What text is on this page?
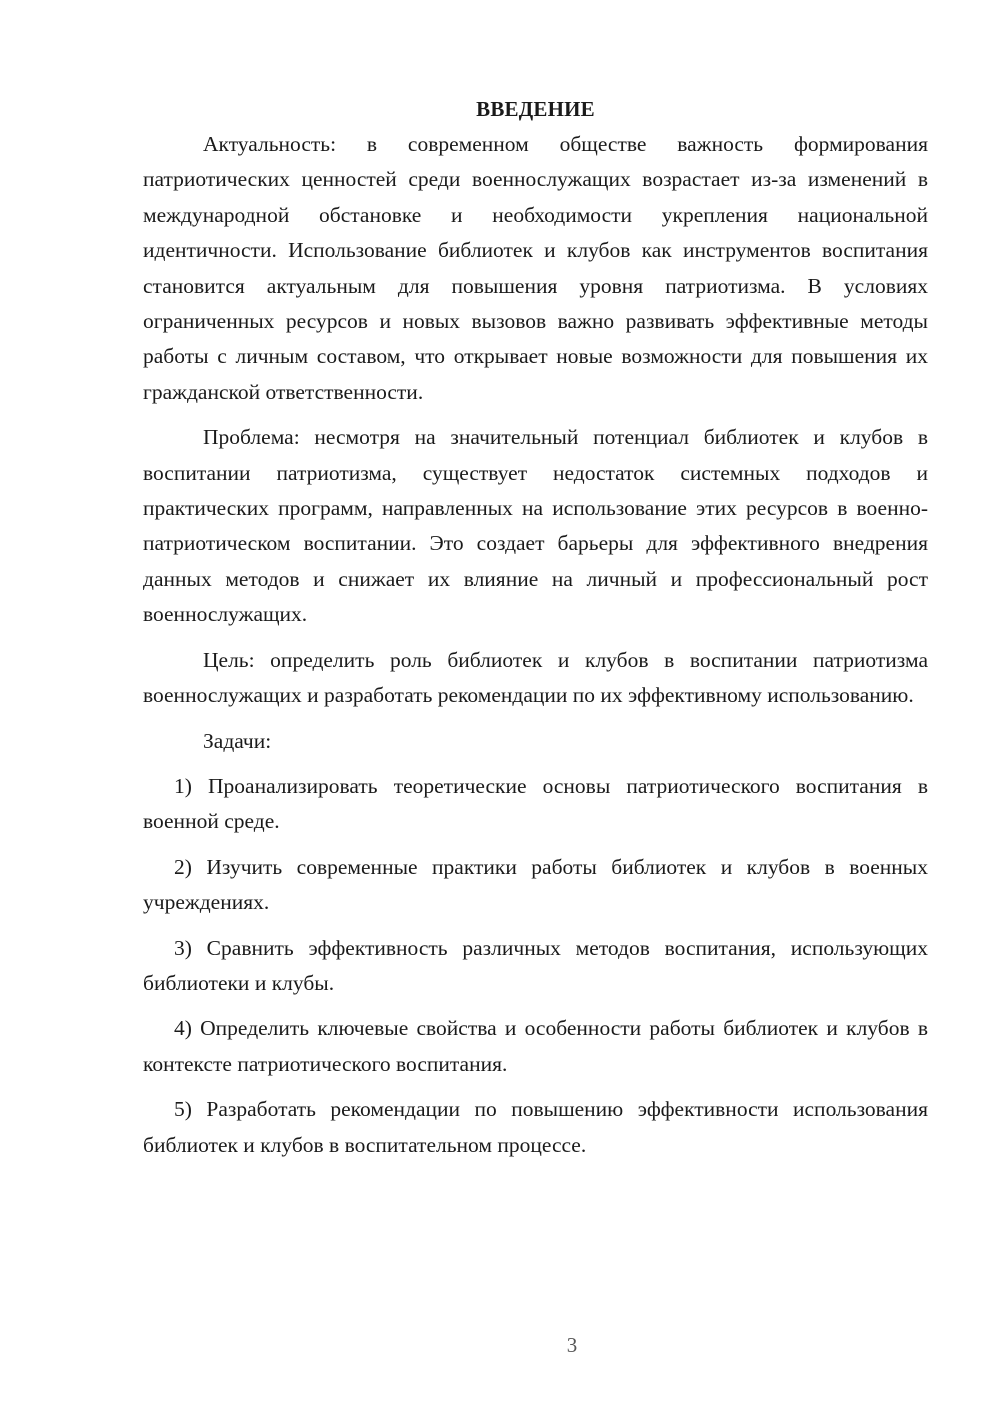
ВВЕДЕНИЕ

Актуальность: в современном обществе важность формирования патриотических ценностей среди военнослужащих возрастает из-за изменений в международной обстановке и необходимости укрепления национальной идентичности. Использование библиотек и клубов как инструментов воспитания становится актуальным для повышения уровня патриотизма. В условиях ограниченных ресурсов и новых вызовов важно развивать эффективные методы работы с личным составом, что открывает новые возможности для повышения их гражданской ответственности.

Проблема: несмотря на значительный потенциал библиотек и клубов в воспитании патриотизма, существует недостаток системных подходов и практических программ, направленных на использование этих ресурсов в военно-патриотическом воспитании. Это создает барьеры для эффективного внедрения данных методов и снижает их влияние на личный и профессиональный рост военнослужащих.

Цель: определить роль библиотек и клубов в воспитании патриотизма военнослужащих и разработать рекомендации по их эффективному использованию.

Задачи:

1) Проанализировать теоретические основы патриотического воспитания в военной среде.

2) Изучить современные практики работы библиотек и клубов в военных учреждениях.

3) Сравнить эффективность различных методов воспитания, использующих библиотеки и клубы.

4) Определить ключевые свойства и особенности работы библиотек и клубов в контексте патриотического воспитания.

5) Разработать рекомендации по повышению эффективности использования библиотек и клубов в воспитательном процессе.

3
